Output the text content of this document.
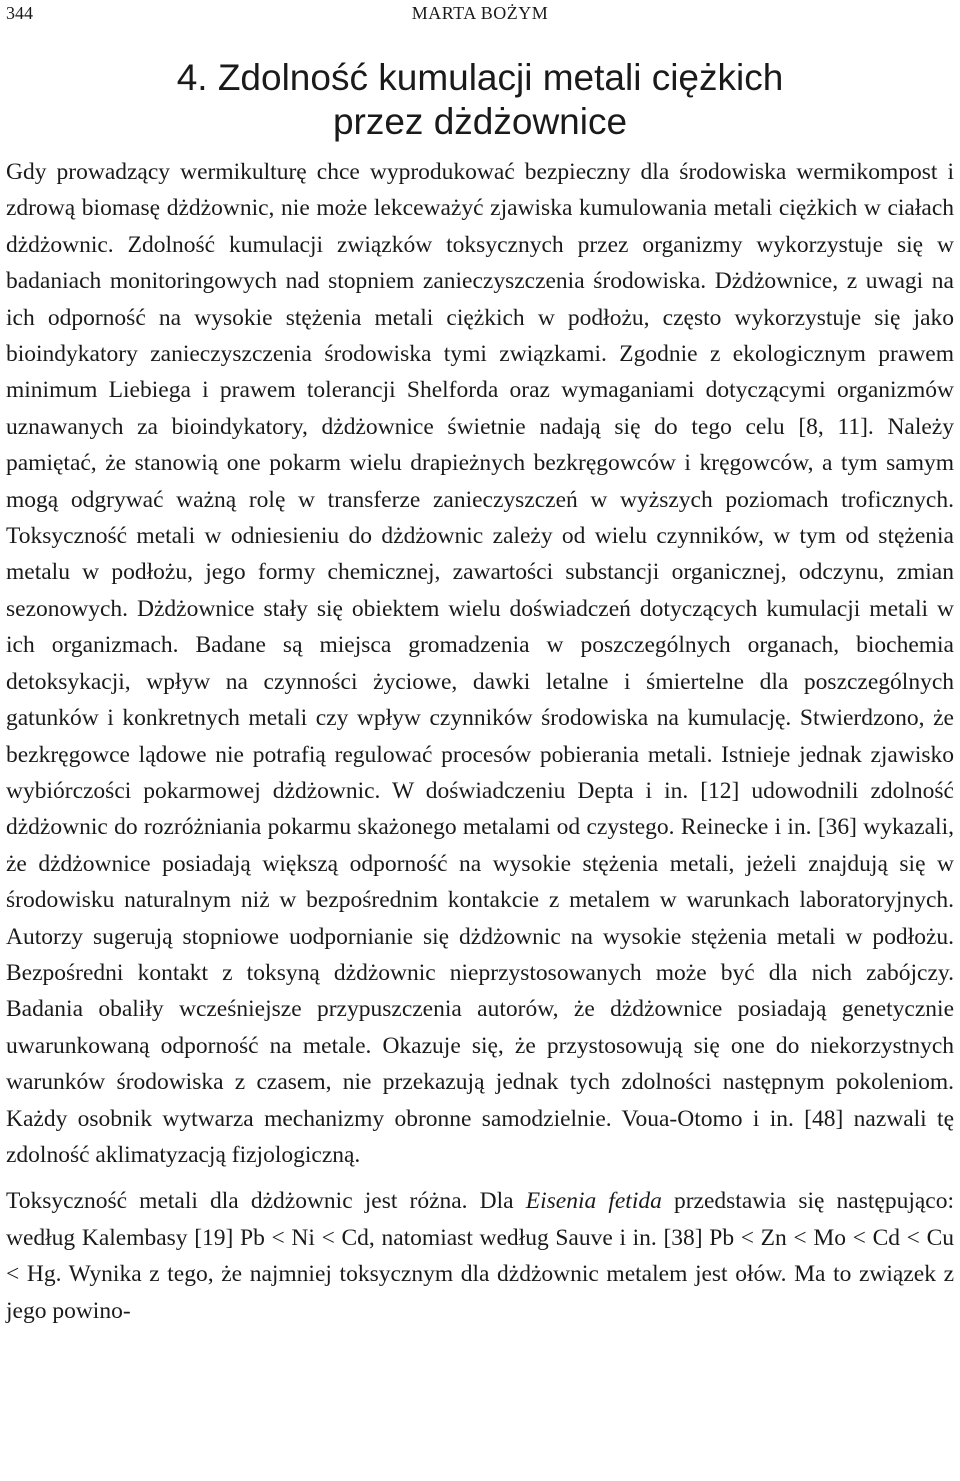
344	MARTA BOŻYM
4. Zdolność kumulacji metali ciężkich
przez dżdżownice

Gdy prowadzący wermikulturę chce wyprodukować bezpieczny dla środowiska wermikompost i zdrową biomasę dżdżownic, nie może lekceważyć zjawiska kumulowania metali ciężkich w ciałach dżdżownic. Zdolność kumulacji związków toksycznych przez organizmy wykorzystuje się w badaniach monitoringowych nad stopniem zanieczyszczenia środowiska. Dżdżownice, z uwagi na ich odporność na wysokie stężenia metali ciężkich w podłożu, często wykorzystuje się jako bioindykatory zanieczyszczenia środowiska tymi związkami. Zgodnie z ekologicznym prawem minimum Liebiega i prawem tolerancji Shelforda oraz wymaganiami dotyczącymi organizmów uznawanych za bioindykatory, dżdżownice świetnie nadają się do tego celu [8, 11]. Należy pamiętać, że stanowią one pokarm wielu drapieżnych bezkręgowców i kręgowców, a tym samym mogą odgrywać ważną rolę w transferze zanieczyszczeń w wyższych poziomach troficznych. Toksyczność metali w odniesieniu do dżdżownic zależy od wielu czynników, w tym od stężenia metalu w podłożu, jego formy chemicznej, zawartości substancji organicznej, odczynu, zmian sezonowych. Dżdżownice stały się obiektem wielu doświadczeń dotyczących kumulacji metali w ich organizmach. Badane są miejsca gromadzenia w poszczególnych organach, biochemia detoksykacji, wpływ na czynności życiowe, dawki letalne i śmiertelne dla poszczególnych gatunków i konkretnych metali czy wpływ czynników środowiska na kumulację. Stwierdzono, że bezkręgowce lądowe nie potrafią regulować procesów pobierania metali. Istnieje jednak zjawisko wybiórczości pokarmowej dżdżownic. W doświadczeniu Depta i in. [12] udowodnili zdolność dżdżownic do rozróżniania pokarmu skażonego metalami od czystego. Reinecke i in. [36] wykazali, że dżdżownice posiadają większą odporność na wysokie stężenia metali, jeżeli znajdują się w środowisku naturalnym niż w bezpośrednim kontakcie z metalem w warunkach laboratoryjnych. Autorzy sugerują stopniowe uodpornianie się dżdżownic na wysokie stężenia metali w podłożu. Bezpośredni kontakt z toksyną dżdżownic nieprzystosowanych może być dla nich zabójczy. Badania obaliły wcześniejsze przypuszczenia autorów, że dżdżownice posiadają genetycznie uwarunkowaną odporność na metale. Okazuje się, że przystosowują się one do niekorzystnych warunków środowiska z czasem, nie przekazują jednak tych zdolności następnym pokoleniom. Każdy osobnik wytwarza mechanizmy obronne samodzielnie. Voua-Otomo i in. [48] nazwali tę zdolność aklimatyzacją fizjologiczną.

Toksyczność metali dla dżdżownic jest różna. Dla Eisenia fetida przedstawia się następująco: według Kalembasy [19] Pb < Ni < Cd, natomiast według Sauve i in. [38] Pb < Zn < Mo < Cd < Cu < Hg. Wynika z tego, że najmniej toksycznym dla dżdżownic metalem jest ołów. Ma to związek z jego powino-
